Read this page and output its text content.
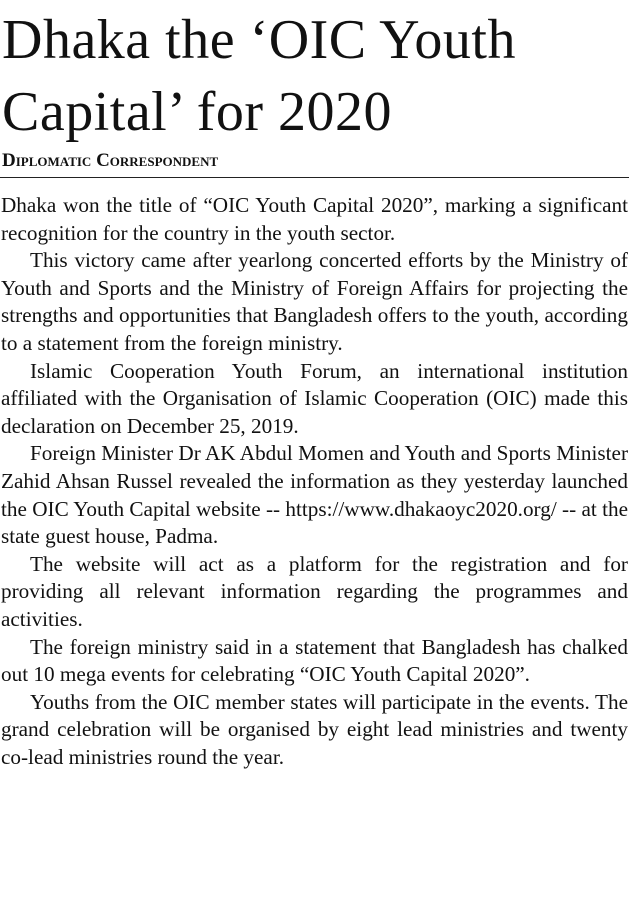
Dhaka the ‘OIC Youth Capital’ for 2020
Diplomatic Correspondent

Dhaka won the title of “OIC Youth Capital 2020”, marking a significant recognition for the country in the youth sector.

This victory came after yearlong concerted efforts by the Ministry of Youth and Sports and the Ministry of Foreign Affairs for projecting the strengths and opportunities that Bangladesh offers to the youth, according to a statement from the foreign ministry.

Islamic Cooperation Youth Forum, an international institution affiliated with the Organisation of Islamic Cooperation (OIC) made this declaration on December 25, 2019.

Foreign Minister Dr AK Abdul Momen and Youth and Sports Minister Zahid Ahsan Russel revealed the information as they yesterday launched the OIC Youth Capital website -- https://www.dhakaoyc2020.org/ -- at the state guest house, Padma.

The website will act as a platform for the registration and for providing all relevant information regarding the programmes and activities.

The foreign ministry said in a statement that Bangladesh has chalked out 10 mega events for celebrating “OIC Youth Capital 2020”.

Youths from the OIC member states will participate in the events. The grand celebration will be organised by eight lead ministries and twenty co-lead ministries round the year.
